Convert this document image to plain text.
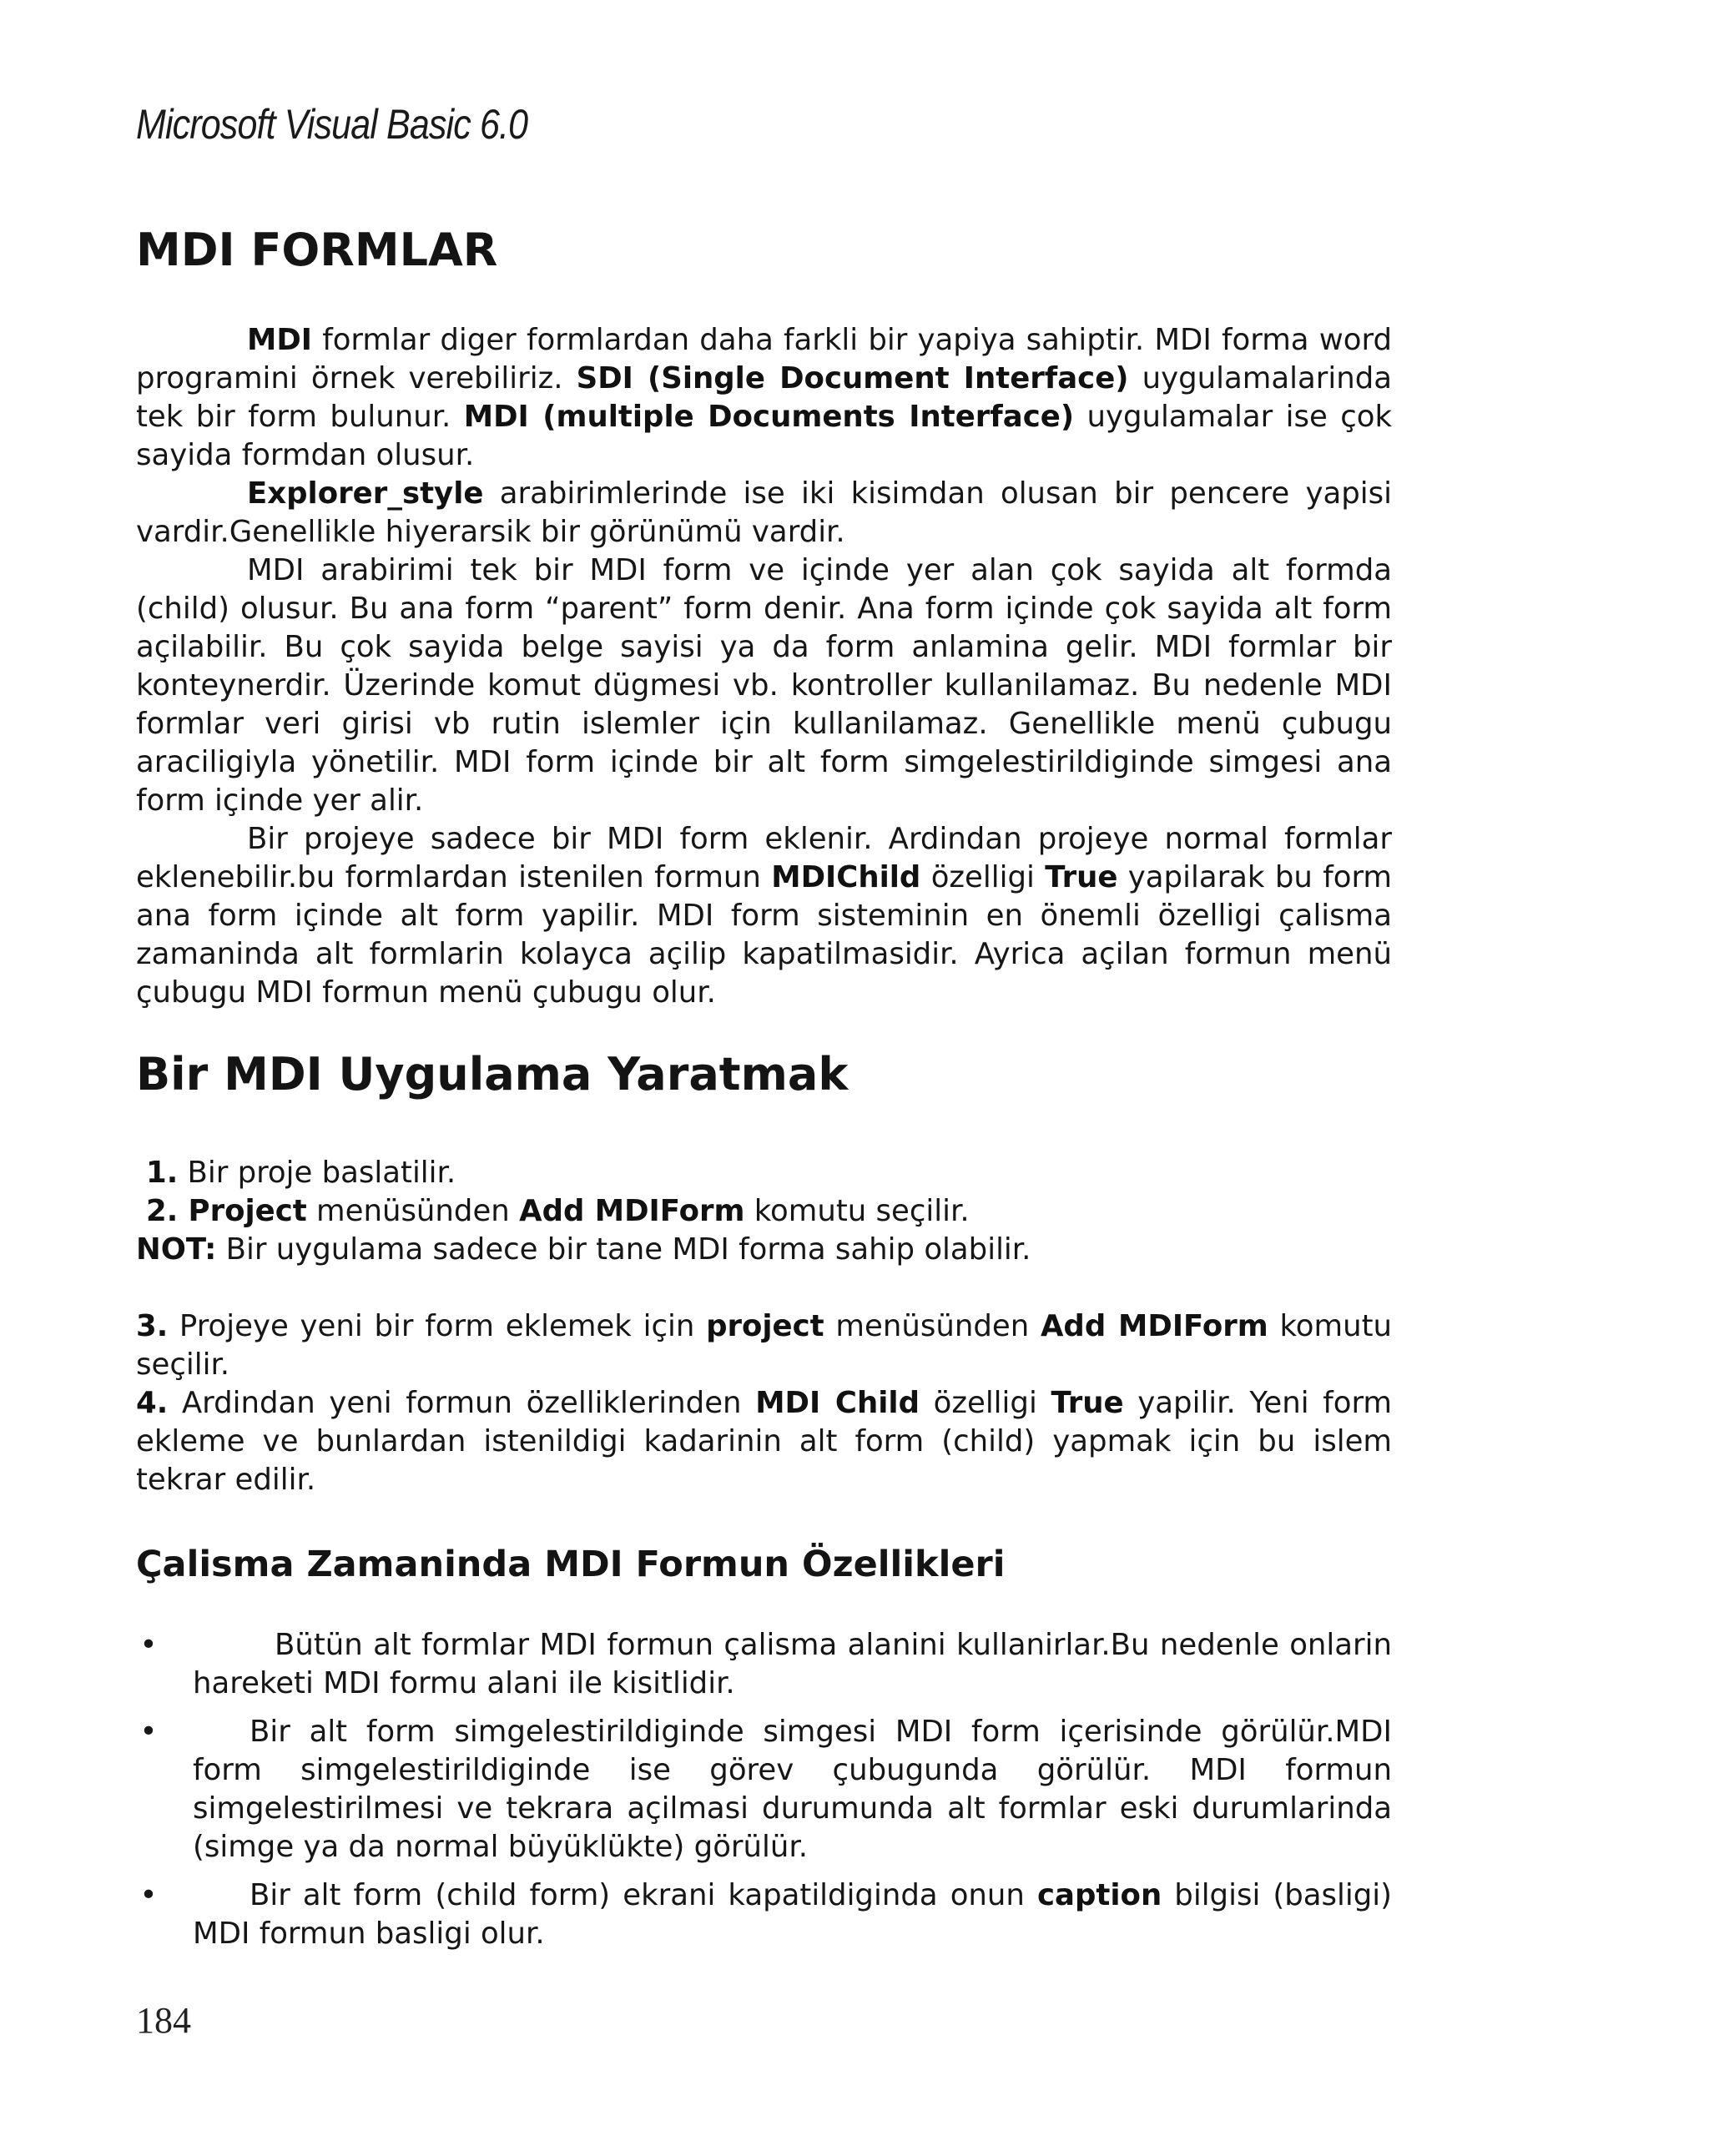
Microsoft Visual Basic 6.0
MDI FORMLAR

MDI formlar diger formlardan daha farkli bir yapiya sahiptir. MDI forma word programini örnek verebiliriz. SDI (Single Document Interface) uygulamalarinda tek bir form bulunur. MDI (multiple Documents Interface) uygulamalar ise çok sayida formdan olusur.

Explorer_style arabirimlerinde ise iki kisimdan olusan bir pencere yapisi vardir.Genellikle hiyerarsik bir görünümü vardir.

MDI arabirimi tek bir MDI form ve içinde yer alan çok sayida alt formda (child) olusur. Bu ana form “parent” form denir. Ana form içinde çok sayida alt form açilabilir. Bu çok sayida belge sayisi ya da form anlamina gelir. MDI formlar bir konteynerdir. Üzerinde komut dügmesi vb. kontroller kullanilamaz. Bu nedenle MDI formlar veri girisi vb rutin islemler için kullanilamaz. Genellikle menü çubugu araciligiyla yönetilir. MDI form içinde bir alt form simgelestirildiginde simgesi ana form içinde yer alir.

Bir projeye sadece bir MDI form eklenir. Ardindan projeye normal formlar eklenebilir.bu formlardan istenilen formun MDIChild özelligi True yapilarak bu form ana form içinde alt form yapilir. MDI form sisteminin en önemli özelligi çalisma zamaninda alt formlarin kolayca açilip kapatilmasidir. Ayrica açilan formun menü çubugu MDI formun menü çubugu olur.

Bir MDI Uygulama Yaratmak

1. Bir proje baslatilir.

2. Project menüsünden Add MDIForm komutu seçilir.

NOT: Bir uygulama sadece bir tane MDI forma sahip olabilir.

3. Projeye yeni bir form eklemek için project menüsünden Add MDIForm komutu seçilir.

4. Ardindan yeni formun özelliklerinden MDI Child özelligi True yapilir. Yeni form ekleme ve bunlardan istenildigi kadarinin alt form (child) yapmak için bu islem tekrar edilir.

Çalisma Zamaninda MDI Formun Özellikleri
•	Bütün alt formlar MDI formun çalisma alanini kullanirlar.Bu nedenle onlarin hareketi MDI formu alani ile kisitlidir.
•	Bir alt form simgelestirildiginde simgesi MDI form içerisinde görülür.MDI form simgelestirildiginde ise görev çubugunda görülür. MDI formun simgelestirilmesi ve tekrara açilmasi durumunda alt formlar eski durumlarinda (simge ya da normal büyüklükte) görülür.
•	Bir alt form (child form) ekrani kapatildiginda onun caption bilgisi (basligi) MDI formun basligi olur.
184
